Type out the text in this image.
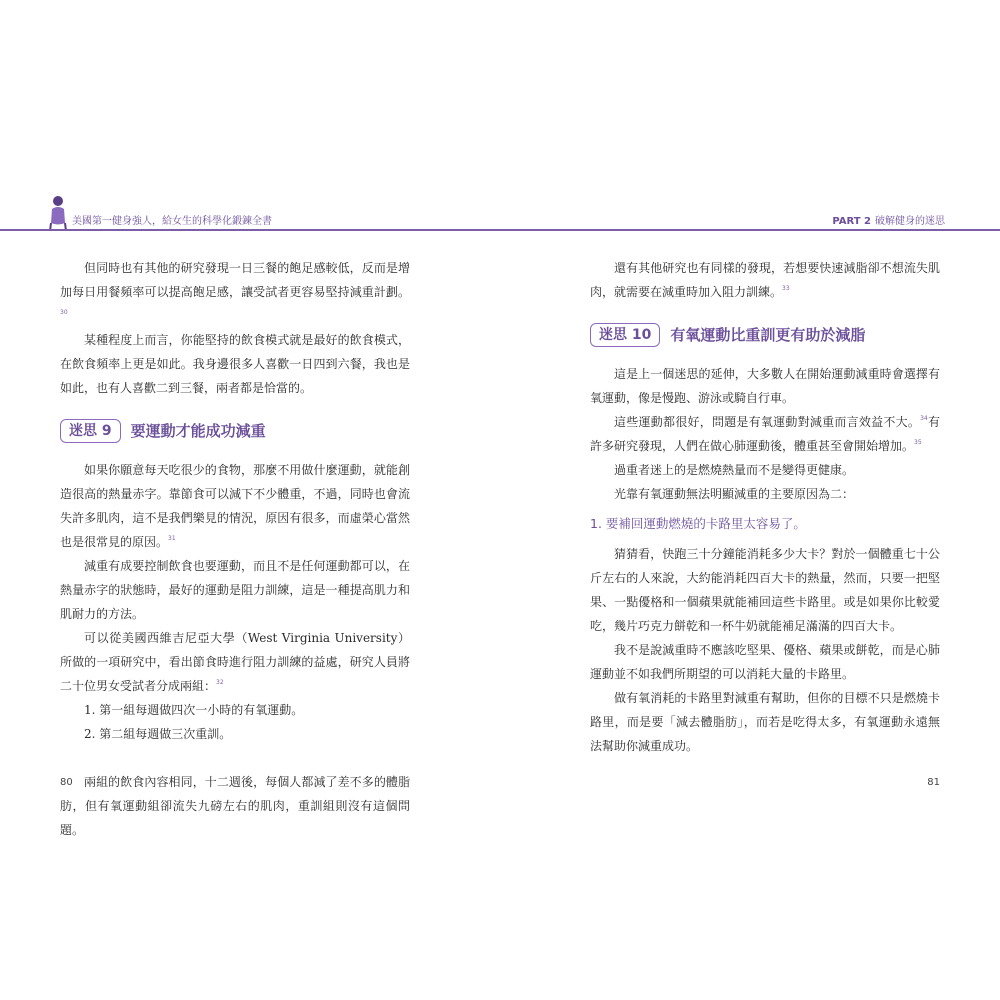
美國第一健身強人，給女生的科學化鍛鍊全書	PART 2 破解健身的迷思

但同時也有其他的研究發現一日三餐的飽足感較低，反而是增加每日用餐頻率可以提高飽足感，讓受試者更容易堅持減重計劃。$^{30}$

某種程度上而言，你能堅持的飲食模式就是最好的飲食模式，在飲食頻率上更是如此。我身邊很多人喜歡一日四到六餐，我也是如此，也有人喜歡二到三餐，兩者都是恰當的。

迷思 9	要運動才能成功減重

如果你願意每天吃很少的食物，那麼不用做什麼運動，就能創造很高的熱量赤字。靠節食可以減下不少體重，不過，同時也會流失許多肌肉，這不是我們樂見的情況，原因有很多，而虛榮心當然也是很常見的原因。$^{31}$

減重有成要控制飲食也要運動，而且不是任何運動都可以，在熱量赤字的狀態時，最好的運動是阻力訓練，這是一種提高肌力和肌耐力的方法。

可以從美國西維吉尼亞大學（West Virginia University）所做的一項研究中，看出節食時進行阻力訓練的益處，研究人員將二十位男女受試者分成兩組：$^{32}$

1. 第一組每週做四次一小時的有氧運動。
2. 第二組每週做三次重訓。

兩組的飲食內容相同，十二週後，每個人都減了差不多的體脂肪，但有氧運動組卻流失九磅左右的肌肉，重訓組則沒有這個問題。

80

還有其他研究也有同樣的發現，若想要快速減脂卻不想流失肌肉，就需要在減重時加入阻力訓練。$^{33}$

迷思 10	有氧運動比重訓更有助於減脂

這是上一個迷思的延伸，大多數人在開始運動減重時會選擇有氧運動，像是慢跑、游泳或騎自行車。

這些運動都很好，問題是有氧運動對減重而言效益不大。$^{34}$有許多研究發現，人們在做心肺運動後，體重甚至會開始增加。$^{35}$

過重者迷上的是燃燒熱量而不是變得更健康。

光靠有氧運動無法明顯減重的主要原因為二：

1. 要補回運動燃燒的卡路里太容易了。

猜猜看，快跑三十分鐘能消耗多少大卡？對於一個體重七十公斤左右的人來說，大約能消耗四百大卡的熱量，然而，只要一把堅果、一點優格和一個蘋果就能補回這些卡路里。或是如果你比較愛吃，幾片巧克力餅乾和一杯牛奶就能補足滿滿的四百大卡。

我不是說減重時不應該吃堅果、優格、蘋果或餅乾，而是心肺運動並不如我們所期望的可以消耗大量的卡路里。

做有氧消耗的卡路里對減重有幫助，但你的目標不只是燃燒卡路里，而是要「減去體脂肪」，而若是吃得太多，有氧運動永遠無法幫助你減重成功。

81
